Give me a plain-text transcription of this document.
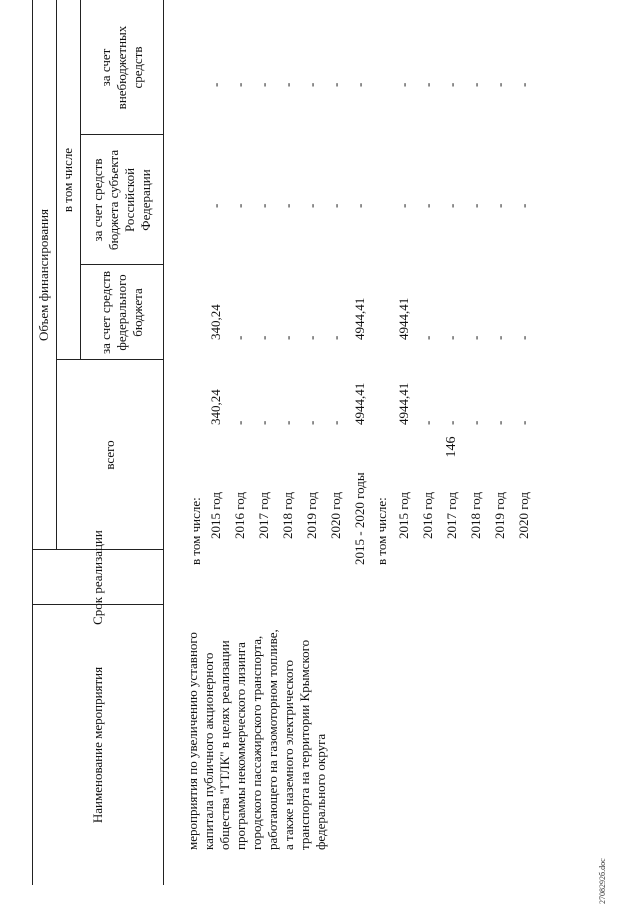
146
Наименование мероприятия
Срок реализации
Объем финансирования
всего
в том числе
за счет средств федерального бюджета
за счет средств бюджета субъекта Российской Федерации
за счет внебюджетных средств
мероприятия по увеличению уставного капитала публичного акционерного общества "ГТЛК" в целях реализации программы некоммерческого лизинга городского пассажирского транспорта, работающего на газомоторном топливе, а также наземного электрического транспорта на территории Крымского федерального округа
в том числе: 2015 год
340,24
340,24
-
-
2016 год
-
-
-
-
2017 год
-
-
-
-
2018 год
-
-
-
-
2019 год
-
-
-
-
2020 год
-
-
-
-
2015 - 2020 годы
4944,41
4944,41
-
-
в том числе: 2015 год
4944,41
4944,41
-
-
2016 год
-
-
-
-
2017 год
-
-
-
-
2018 год
-
-
-
-
2019 год
-
-
-
-
2020 год
-
-
-
-
2708292б.doc
